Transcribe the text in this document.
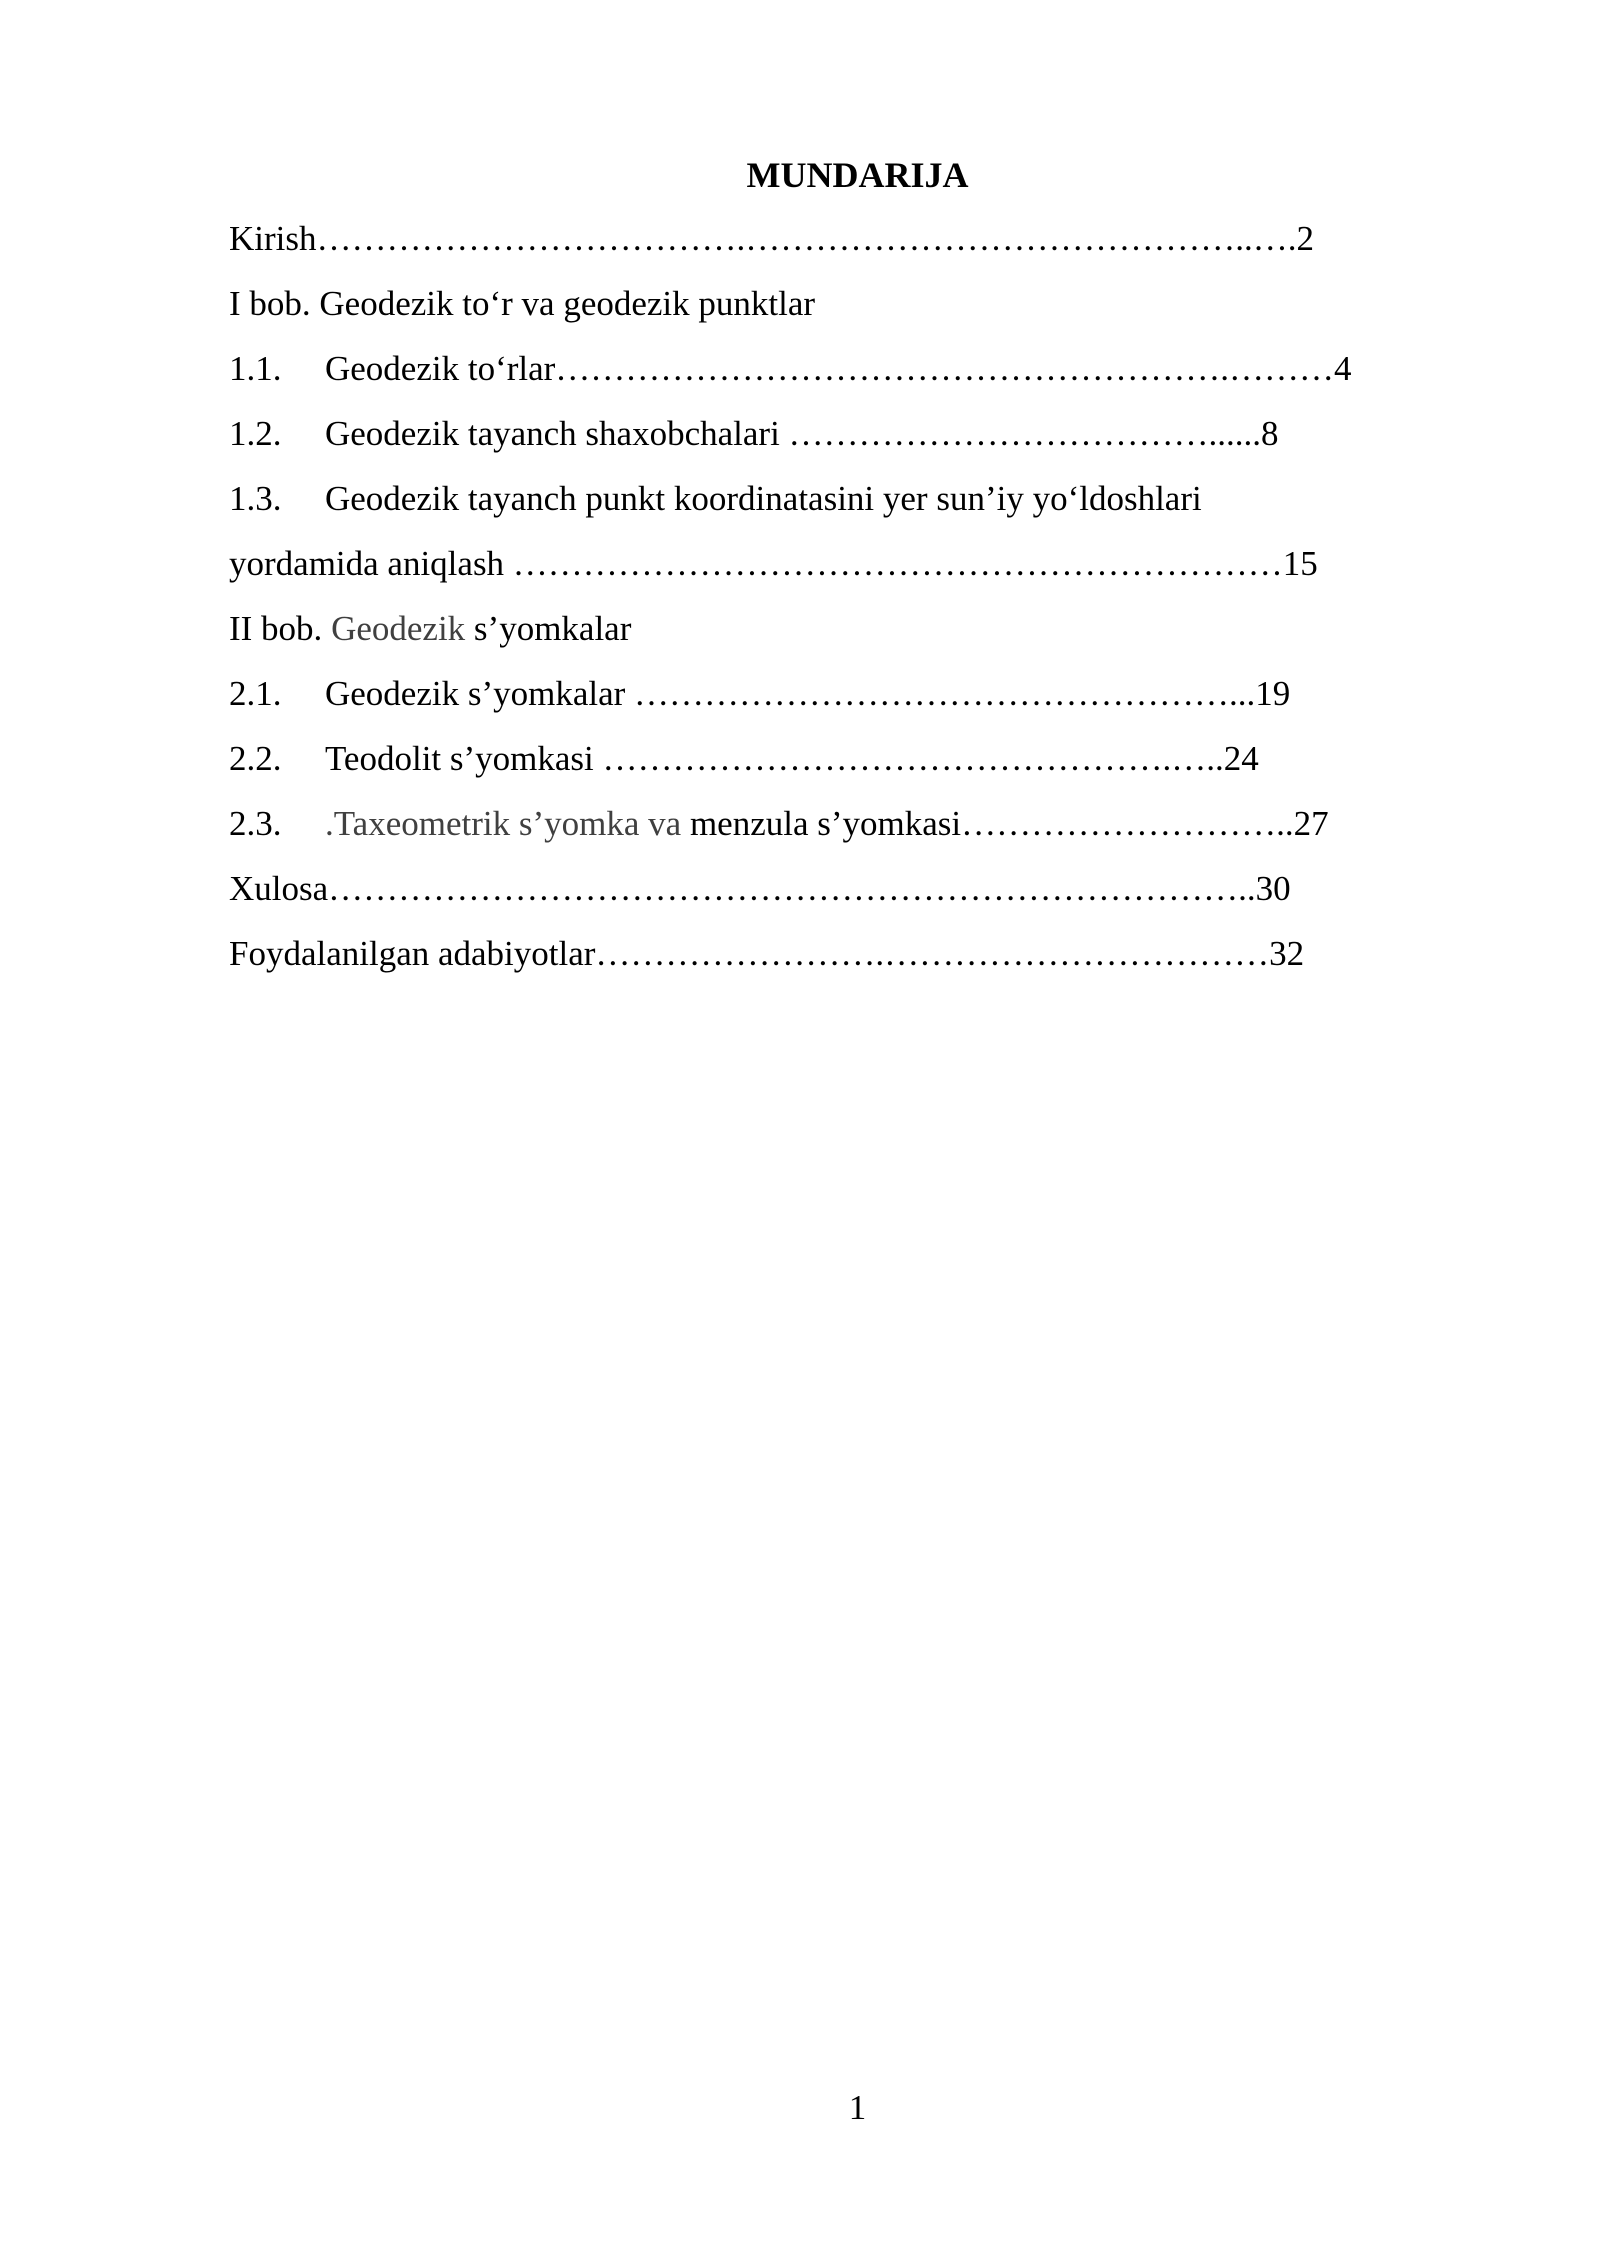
MUNDARIJA
Kirish……………………………….……………………………………..….2
I bob. Geodezik to‘r va geodezik punktlar
1.1. Geodezik to‘rlar………………………………………………….………4
1.2. Geodezik tayanch shaxobchalari ………………………………......8
1.3. Geodezik tayanch punkt koordinatasini yer sun’iy yo‘ldoshlari
yordamida aniqlash …………………………………………………………15
II bob. Geodezik s’yomkalar
2.1. Geodezik s’yomkalar ……………………………………………...19
2.2. Teodolit s’yomkasi ………………………………………….…..24
2.3. .Taxeometrik s’yomka va menzula s’yomkasi………………………..27
Xulosa……………………………………………………………………..30
Foydalanilgan adabiyotlar…………………….……………………………32
1
